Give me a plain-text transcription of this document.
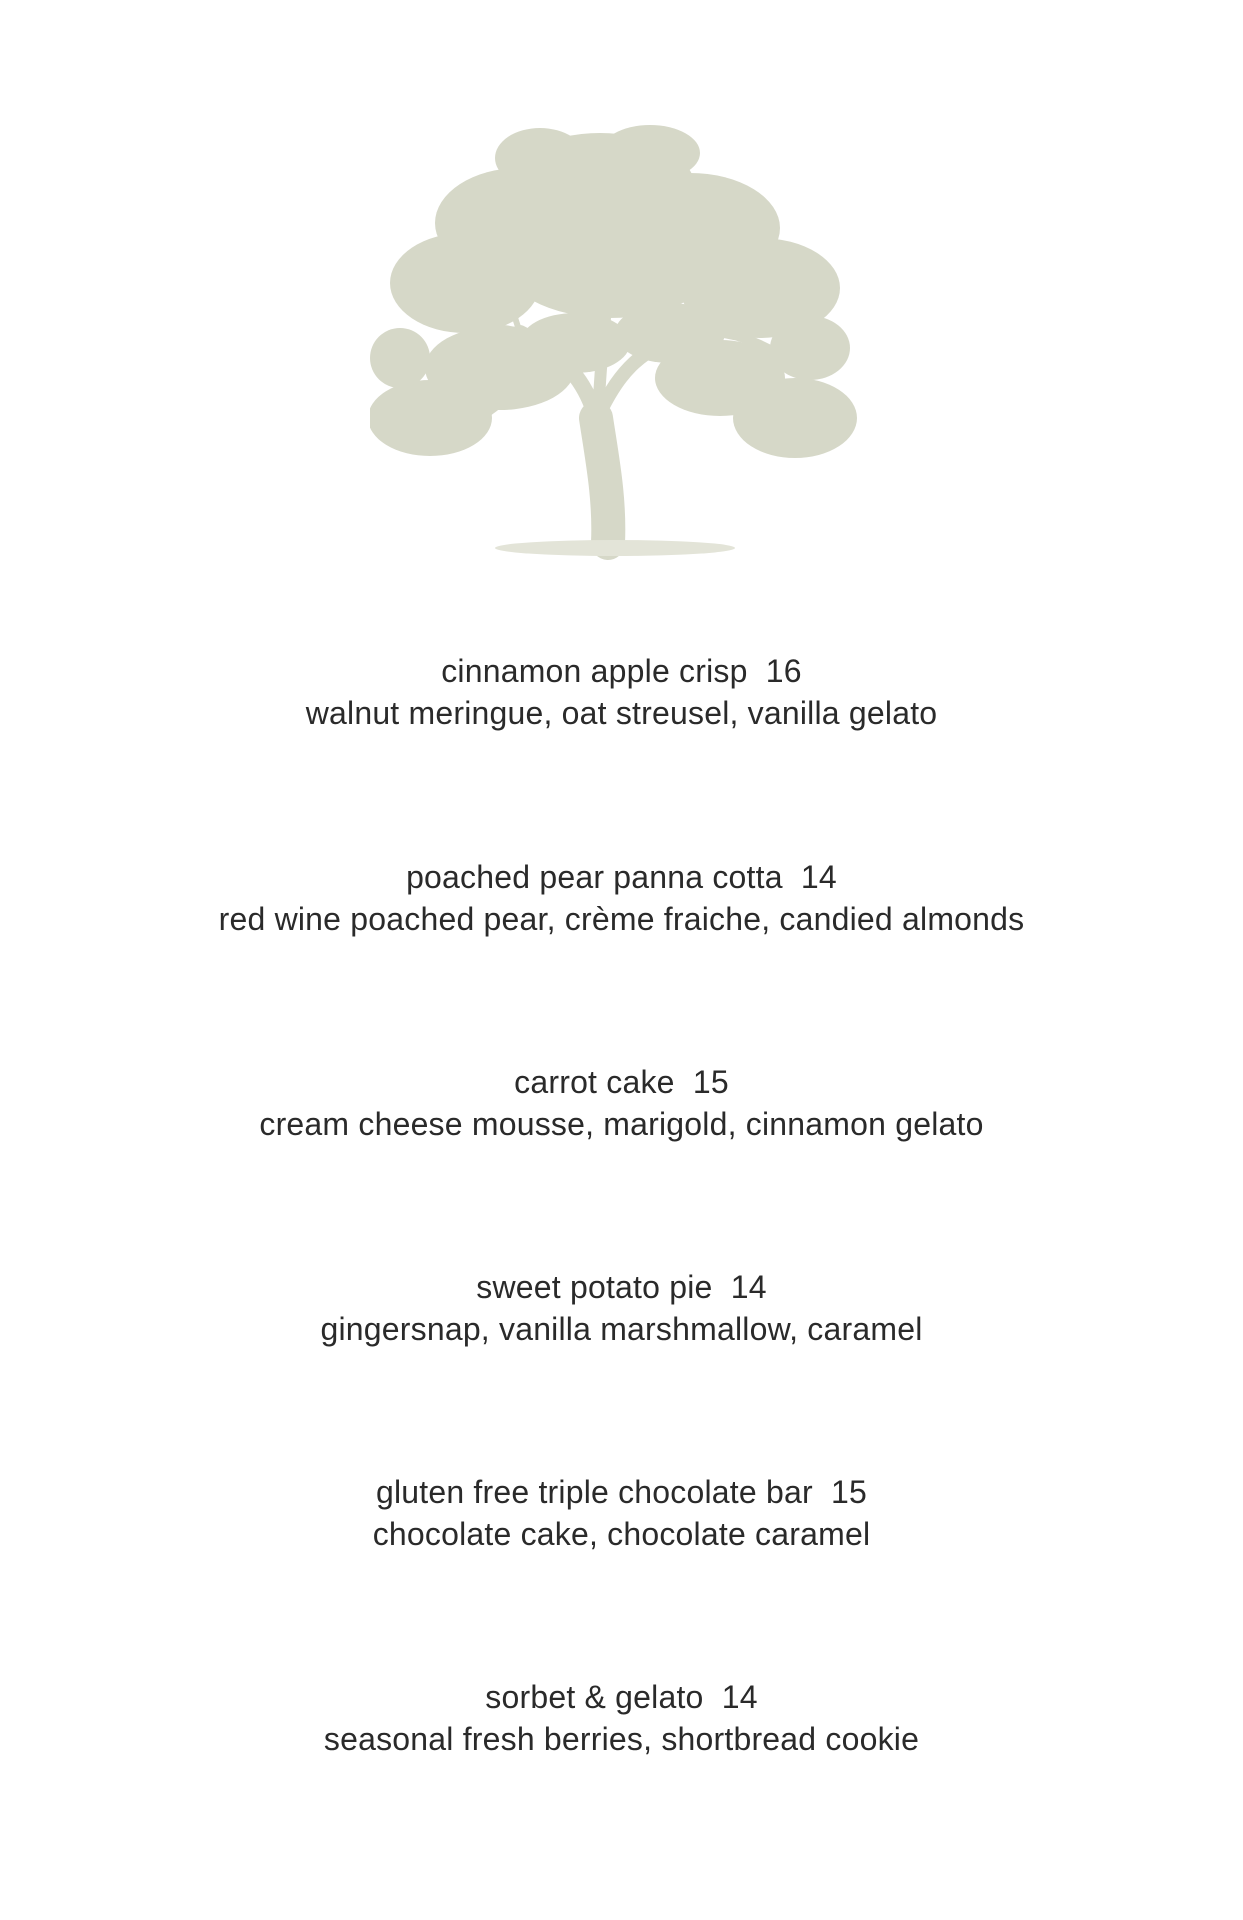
cinnamon apple crisp 16
walnut meringue, oat streusel, vanilla gelato
poached pear panna cotta 14
red wine poached pear, crème fraiche, candied almonds
carrot cake 15
cream cheese mousse, marigold, cinnamon gelato
sweet potato pie 14
gingersnap, vanilla marshmallow, caramel
gluten free triple chocolate bar 15
chocolate cake, chocolate caramel
sorbet & gelato 14
seasonal fresh berries, shortbread cookie
